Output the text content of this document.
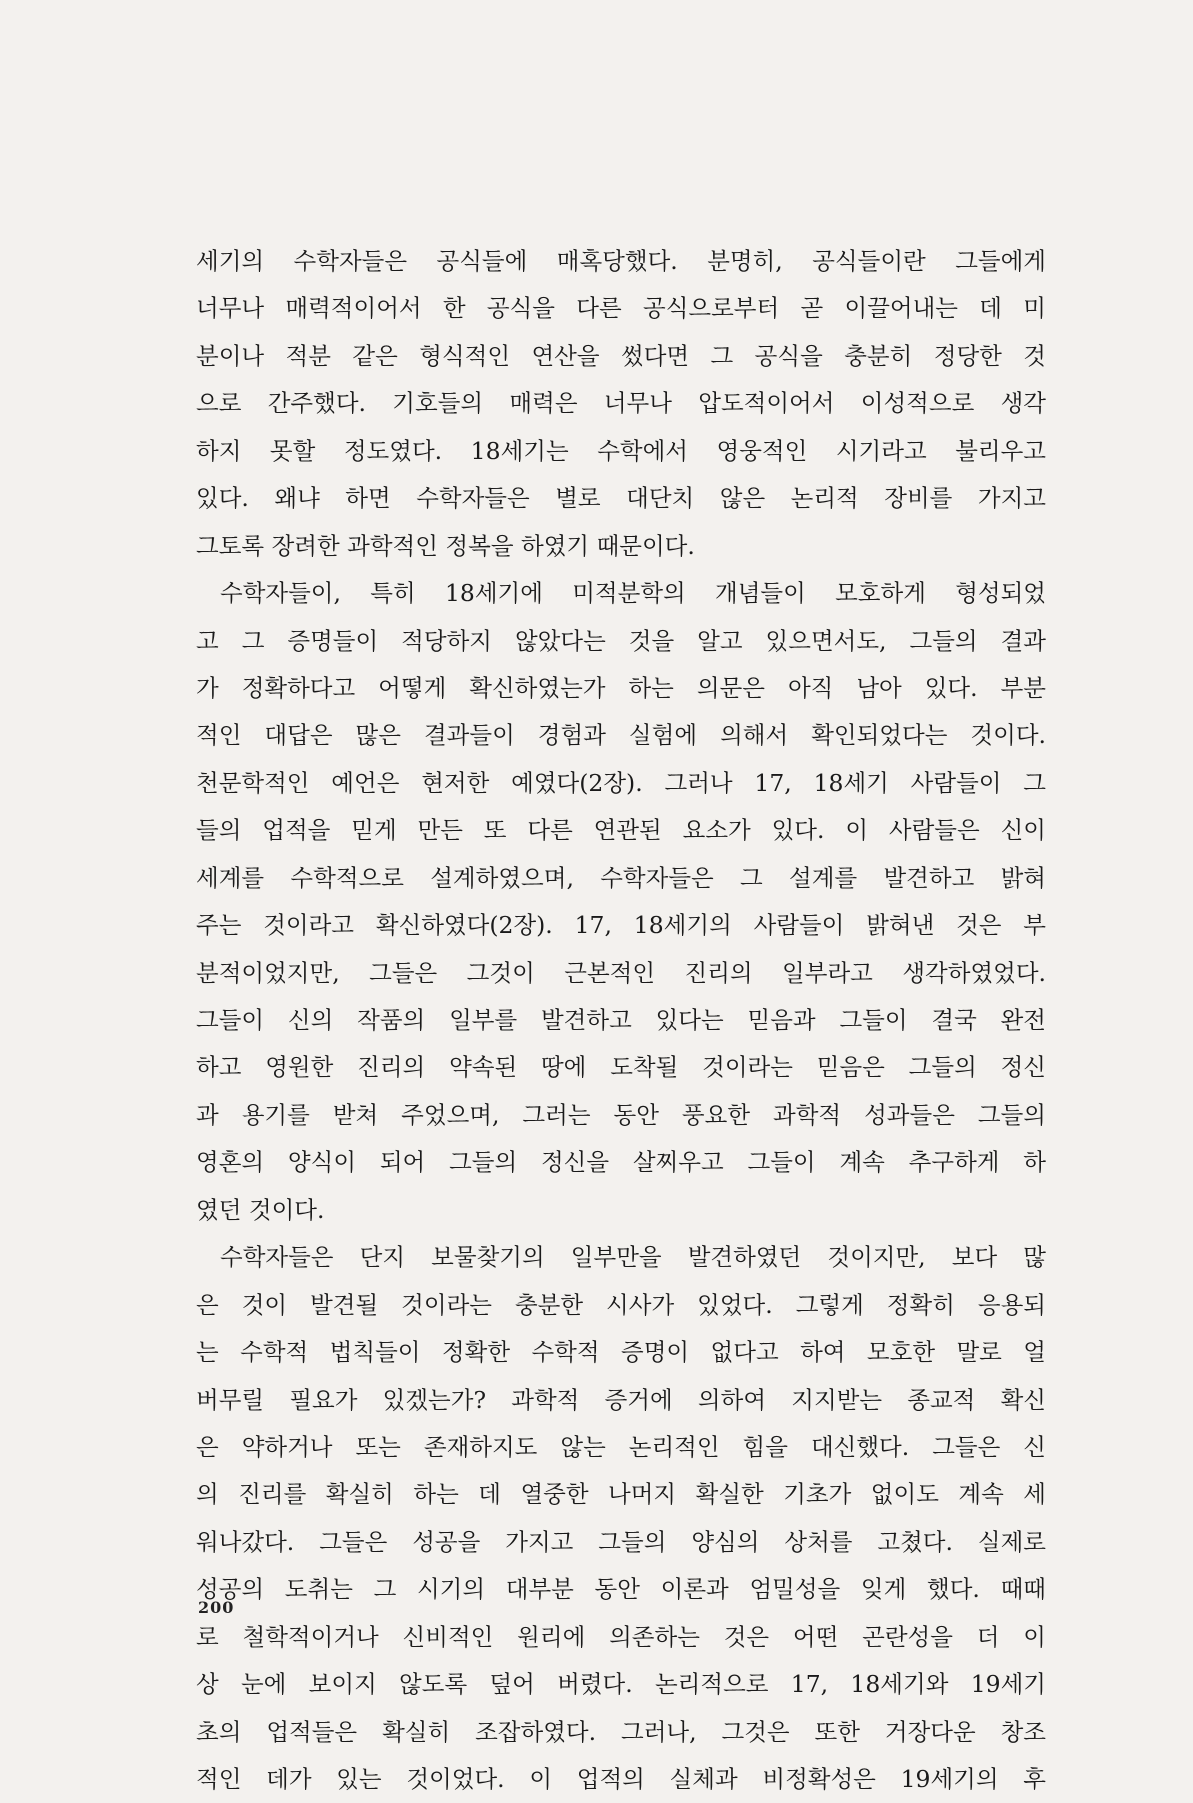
세기의 수학자들은 공식들에 매혹당했다. 분명히, 공식들이란 그들에게
너무나 매력적이어서 한 공식을 다른 공식으로부터 곧 이끌어내는 데 미
분이나 적분 같은 형식적인 연산을 썼다면 그 공식을 충분히 정당한 것
으로 간주했다. 기호들의 매력은 너무나 압도적이어서 이성적으로 생각
하지 못할 정도였다. 18세기는 수학에서 영웅적인 시기라고 불리우고
있다. 왜냐 하면 수학자들은 별로 대단치 않은 논리적 장비를 가지고
그토록 장려한 과학적인 정복을 하였기 때문이다.
수학자들이, 특히 18세기에 미적분학의 개념들이 모호하게 형성되었
고 그 증명들이 적당하지 않았다는 것을 알고 있으면서도, 그들의 결과
가 정확하다고 어떻게 확신하였는가 하는 의문은 아직 남아 있다. 부분
적인 대답은 많은 결과들이 경험과 실험에 의해서 확인되었다는 것이다.
천문학적인 예언은 현저한 예였다(2장). 그러나 17, 18세기 사람들이 그
들의 업적을 믿게 만든 또 다른 연관된 요소가 있다. 이 사람들은 신이
세계를 수학적으로 설계하였으며, 수학자들은 그 설계를 발견하고 밝혀
주는 것이라고 확신하였다(2장). 17, 18세기의 사람들이 밝혀낸 것은 부
분적이었지만, 그들은 그것이 근본적인 진리의 일부라고 생각하였었다.
그들이 신의 작품의 일부를 발견하고 있다는 믿음과 그들이 결국 완전
하고 영원한 진리의 약속된 땅에 도착될 것이라는 믿음은 그들의 정신
과 용기를 받쳐 주었으며, 그러는 동안 풍요한 과학적 성과들은 그들의
영혼의 양식이 되어 그들의 정신을 살찌우고 그들이 계속 추구하게 하
였던 것이다.
수학자들은 단지 보물찾기의 일부만을 발견하였던 것이지만, 보다 많
은 것이 발견될 것이라는 충분한 시사가 있었다. 그렇게 정확히 응용되
는 수학적 법칙들이 정확한 수학적 증명이 없다고 하여 모호한 말로 얼
버무릴 필요가 있겠는가? 과학적 증거에 의하여 지지받는 종교적 확신
은 약하거나 또는 존재하지도 않는 논리적인 힘을 대신했다. 그들은 신
의 진리를 확실히 하는 데 열중한 나머지 확실한 기초가 없이도 계속 세
워나갔다. 그들은 성공을 가지고 그들의 양심의 상처를 고쳤다. 실제로
성공의 도취는 그 시기의 대부분 동안 이론과 엄밀성을 잊게 했다. 때때
로 철학적이거나 신비적인 원리에 의존하는 것은 어떤 곤란성을 더 이
상 눈에 보이지 않도록 덮어 버렸다. 논리적으로 17, 18세기와 19세기
초의 업적들은 확실히 조잡하였다. 그러나, 그것은 또한 거장다운 창조
적인 데가 있는 것이었다. 이 업적의 실체과 비정확성은 19세기의 후
200
